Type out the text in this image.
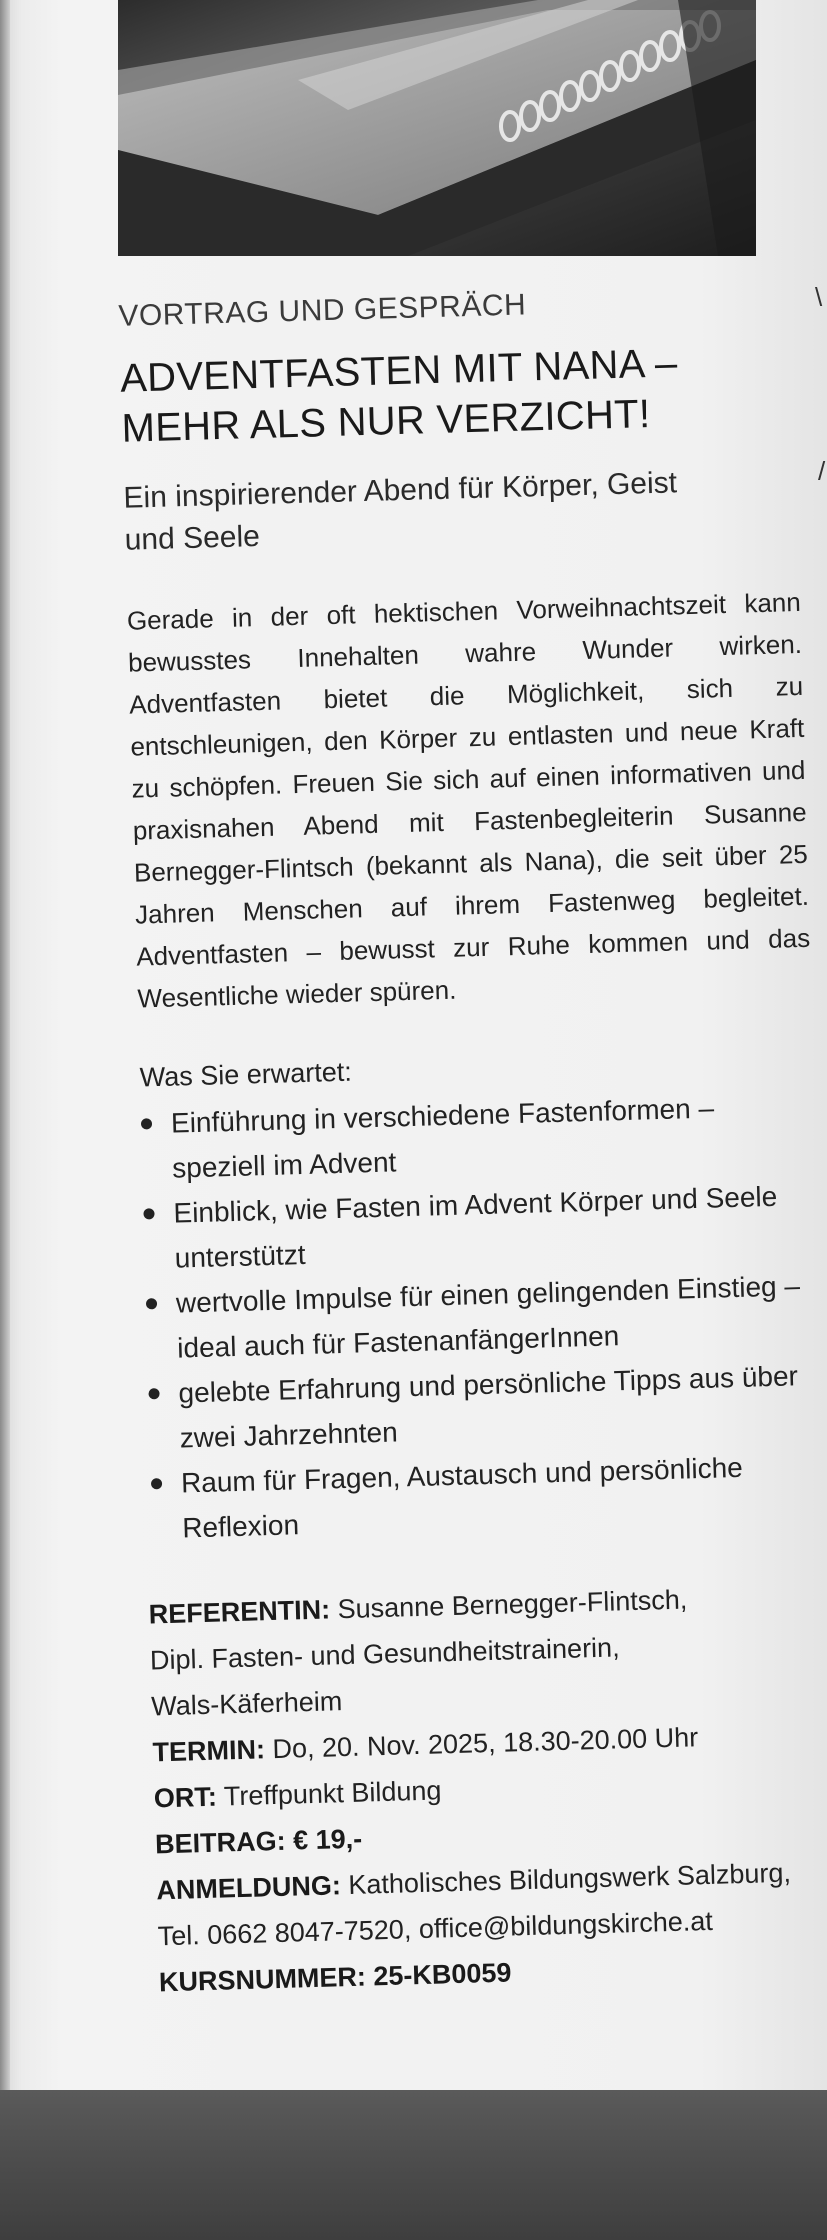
\
/
VORTRAG UND GESPRÄCH
ADVENTFASTEN MIT NANA –
MEHR ALS NUR VERZICHT!
Ein inspirierender Abend für Körper, Geist
und Seele

Gerade in der oft hektischen Vorweihnachtszeit kann bewusstes Innehalten wahre Wunder wirken. Adventfasten bietet die Möglichkeit, sich zu entschleunigen, den Körper zu entlasten und neue Kraft zu schöpfen. Freuen Sie sich auf einen informativen und praxisnahen Abend mit Fastenbegleiterin Susanne Bernegger-Flintsch (bekannt als Nana), die seit über 25 Jahren Menschen auf ihrem Fastenweg begleitet. Adventfasten – bewusst zur Ruhe kommen und das Wesentliche wieder spüren.

Was Sie erwartet:
Einführung in verschiedene Fastenformen – speziell im Advent
Einblick, wie Fasten im Advent Körper und Seele unterstützt
wertvolle Impulse für einen gelingenden Einstieg – ideal auch für FastenanfängerInnen
gelebte Erfahrung und persönliche Tipps aus über zwei Jahrzehnten
Raum für Fragen, Austausch und persönliche Reflexion
REFERENTIN: Susanne Bernegger-Flintsch,
Dipl. Fasten- und Gesundheitstrainerin,
Wals-Käferheim
TERMIN: Do, 20. Nov. 2025, 18.30-20.00 Uhr
ORT: Treffpunkt Bildung
BEITRAG: € 19,-
ANMELDUNG: Katholisches Bildungswerk Salzburg,
Tel. 0662 8047-7520, office@bildungskirche.at
KURSNUMMER: 25-KB0059
